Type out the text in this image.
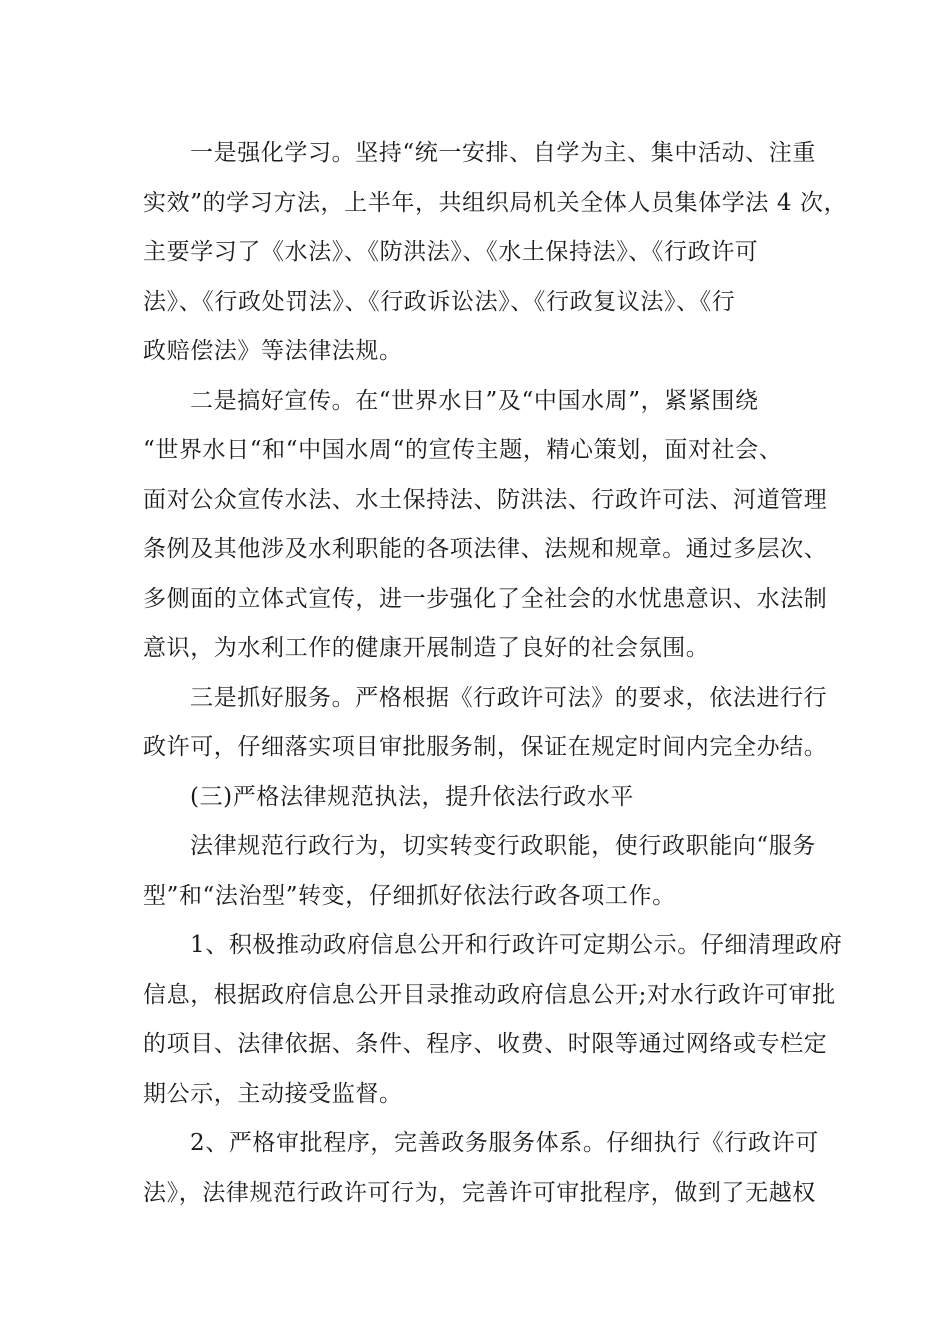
一是强化学习。坚持“统一安排、自学为主、集中活动、注重
实效”的学习方法，上半年，共组织局机关全体人员集体学法 4 次，
主要学习了《水法》、《防洪法》、《水土保持法》、《行政许可
法》、《行政处罚法》、《行政诉讼法》、《行政复议法》、《行
政赔偿法》等法律法规。
二是搞好宣传。在“世界水日”及“中国水周”，紧紧围绕
“世界水日“和“中国水周“的宣传主题，精心策划，面对社会、
面对公众宣传水法、水土保持法、防洪法、行政许可法、河道管理
条例及其他涉及水利职能的各项法律、法规和规章。通过多层次、
多侧面的立体式宣传，进一步强化了全社会的水忧患意识、水法制
意识，为水利工作的健康开展制造了良好的社会氛围。
三是抓好服务。严格根据《行政许可法》的要求，依法进行行
政许可，仔细落实项目审批服务制，保证在规定时间内完全办结。
(三)严格法律规范执法，提升依法行政水平
法律规范行政行为，切实转变行政职能，使行政职能向“服务
型”和“法治型”转变，仔细抓好依法行政各项工作。
1、积极推动政府信息公开和行政许可定期公示。仔细清理政府
信息，根据政府信息公开目录推动政府信息公开;对水行政许可审批
的项目、法律依据、条件、程序、收费、时限等通过网络或专栏定
期公示，主动接受监督。
2、严格审批程序，完善政务服务体系。仔细执行《行政许可
法》，法律规范行政许可行为，完善许可审批程序，做到了无越权
